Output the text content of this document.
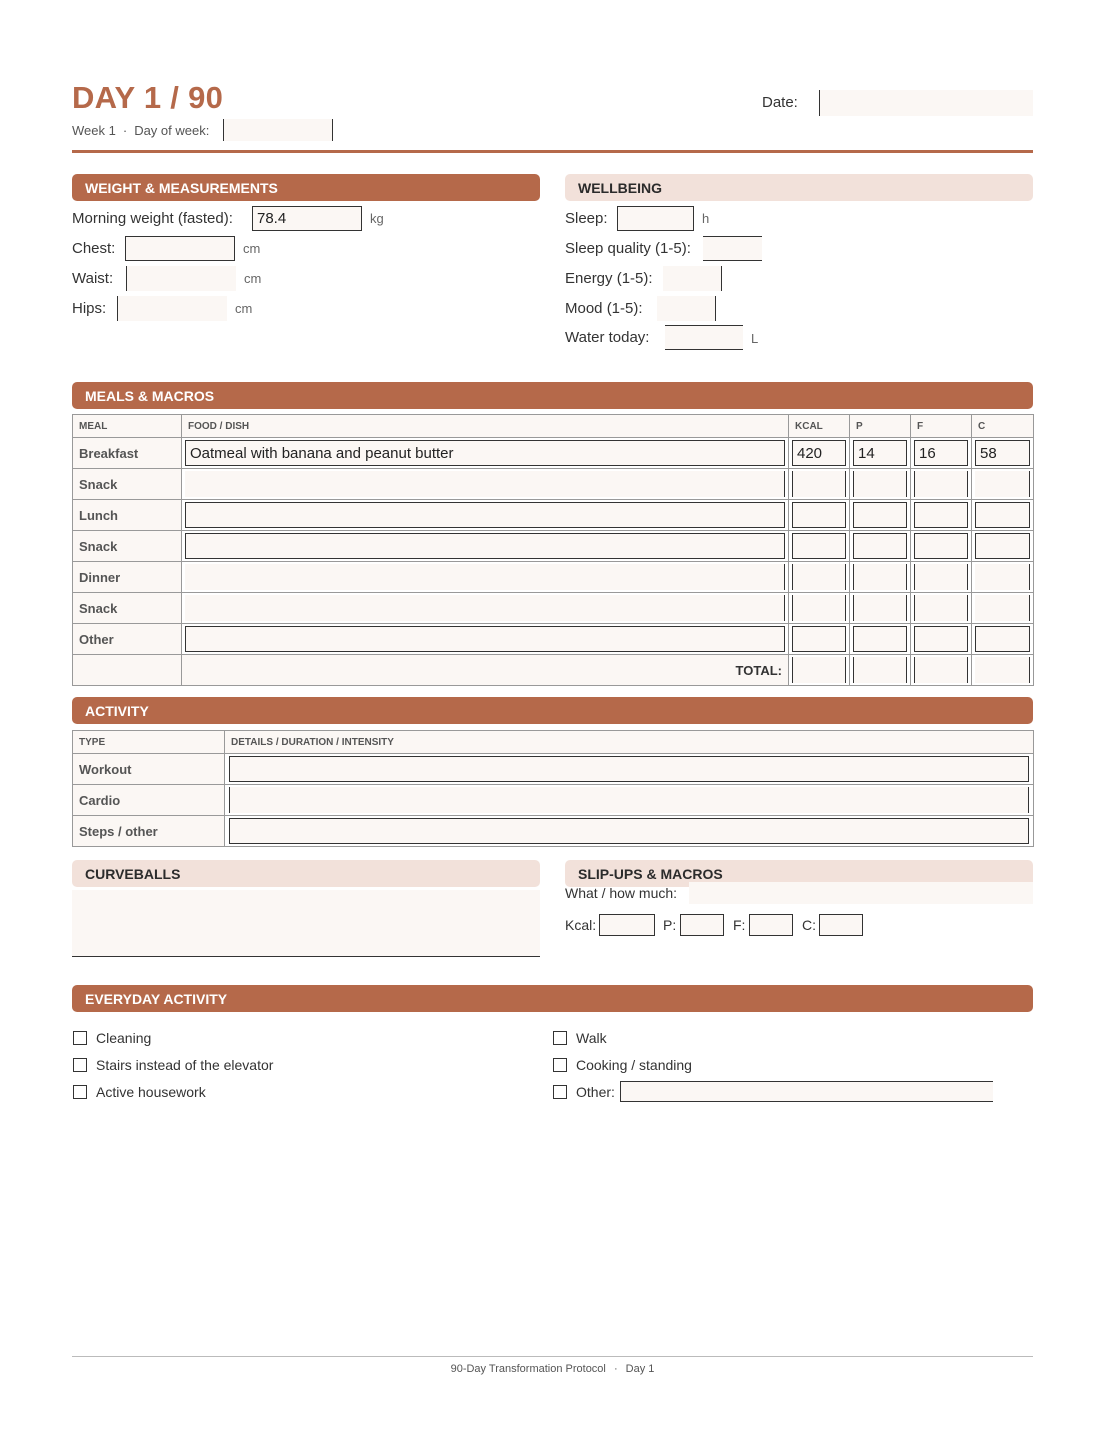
DAY 1 / 90
Week 1 · Day of week:
Date:
WEIGHT & MEASUREMENTS
Morning weight (fasted): 78.4	kg
Chest:	cm
Waist:	cm
Hips:	cm
WELLBEING
Sleep:	h
Sleep quality (1-5):
Energy (1-5):
Mood (1-5):
Water today:	L
MEALS & MACROS
MEAL	FOOD / DISH	KCAL	P	F	C
Breakfast	Oatmeal with banana and peanut butter	420	14	16	58

Snack	

Lunch	

Snack	

Dinner	

Snack	

Other	

	TOTAL:	

ACTIVITY
TYPE	DETAILS / DURATION / INTENSITY
Workout	

Cardio	

Steps / other	
CURVEBALLS	SLIP-UPS & MACROS
What / how much:
Kcal:	P:	F:	C:
EVERYDAY ACTIVITY
Cleaning
Stairs instead of the elevator
Active housework
Walk
Cooking / standing
Other:
90-Day Transformation Protocol · Day 1
